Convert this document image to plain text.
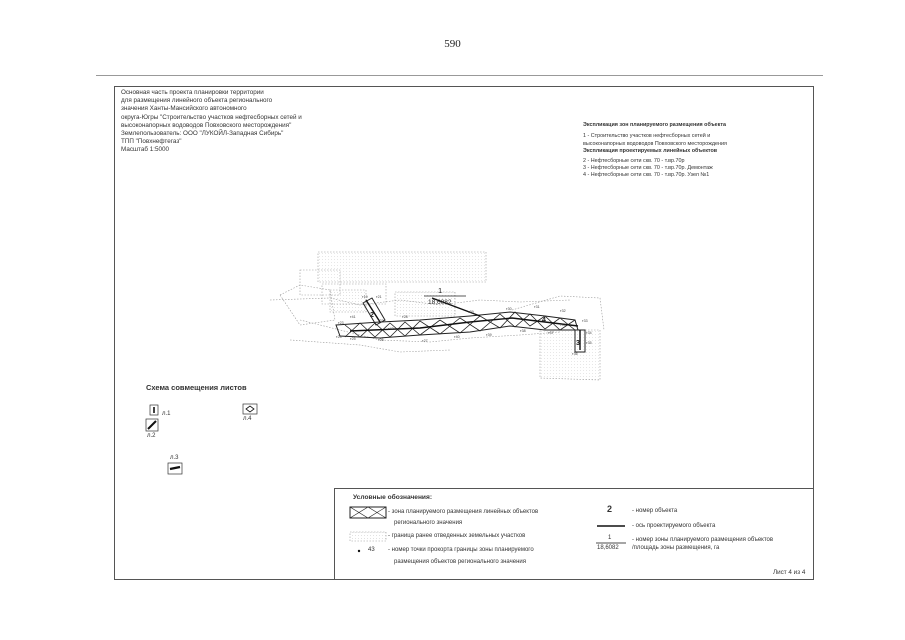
590
Основная часть проекта планировки территории
для размещения линейного объекта регионального
значения Ханты-Мансийского автономного
округа-Югры "Строительство участков нефтесборных сетей и
высоконапорных водоводов Повховского месторождения"
Землепользователь: ООО "ЛУКОЙЛ-Западная Сибирь"
ТПП "Повхнефтегаз"
Масштаб 1:5000
Экспликация зон планируемого размещения объекта
1 - Строительство участков нефтесборных сетей и
высоконапорных водоводов Повховского месторождения
Экспликация проектируемых линейных объектов
2 - Нефтесборные сети скв. 70 - т.вр.70р
3 - Нефтесборные сети скв. 70 - т.вр.70р. Демонтаж
4 - Нефтесборные сети скв. 70 - т.вр.70р. Узел №1
1
18,6082
2
3
4
т19 т21
т22
т23
т24 т25	т26	т27
т28
т29
т30	т31
т32
т33
т34
т35
т36
т37
т38
т39
т40
т41
т42
т43
Схема совмещения листов
л.1
л.2
л.3
л.4
Условные обозначения:
- зона планируемого размещения линейных объектов
регионального значения
- граница ранее отведенных земельных участков
43 - номер точки прокорта границы зоны планируемого
размещения объектов регионального значения
2	- номер объекта
- ось проектируемого объекта
1
18,6082
- номер зоны планируемого размещения объектов
/площадь зоны размещения, га
Лист 4 из 4
